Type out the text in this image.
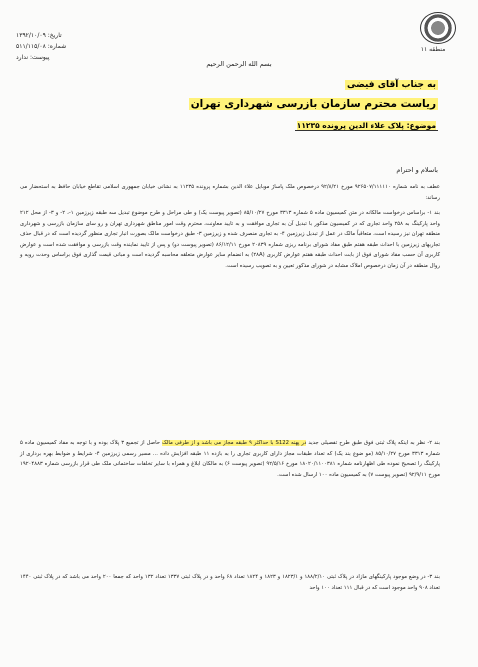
تاریخ: ۱۳۹۲/۱۰/۰۹
شماره: ۵۱۱/۱۱۵/۰۸
پیوست: ندارد
منطقه ۱۱
بسم الله الرحمن الرحیم
به جناب آقای فیضی
ریاست محترم سازمان بازرسی شهرداری تهران
موضوع: پلاک علاء الدین پرونده ۱۱۲۳۵
باسلام و احترام
عطف به نامه شماره ۹۲۶۵۰۷/۱۱۱۱۱۰ مورخ ۹۲/۸/۲۱ درخصوص ملک پاساژ موبایل علاء الدین بشماره پرونده ۱۱۲۳۵ به نشانی خیابان جمهوری اسلامی تقاطع خیابان حافظ به استحضار می رساند:
بند ۱- براساس درخواست مالکانه در متن کمیسیون ماده ۵ شماره ۳۳۱۳ مورخ ۸۵/۱۰/۲۷ (تصویر پیوست یک) و طی مراحل و طرح موضوع تبدیل سه طبقه زیرزمین ۱-، ۲- و ۳- از محل ۲۱۲ واحد پارکینگ به ۲۵۸ واحد تجاری که در کمیسیون مذکور با تبدیل آن به تجاری موافقت و به تایید معاونت، محترم وقت امور مناطق شهرداری تهران و رو سای سازمان بازرسی و شهرداری منطقه تهران نیز رسیده است، متعاقباً مالک در عمل از تبدیل زیرزمین ۴- به تجاری منصرف شده و زیرزمین ۳- طبق درخواست مالک بصورت انبار تجاری منظور گردیده است که در قبال حذف تجاریهای زیرزمین با احداث طبقه هفتم طبق مفاد شورای برنامه ریزی شماره ۲۰۸۳۹ مورخ ۸۶/۱۲/۱۱ (تصویر پیوست دو) و پس از تایید نماینده وقت بازرسی و موافقت شده است و عوارض کاربری آن حسب مفاد شورای فوق از بابت احداث طبقه هفتم عوارض کاربری (۲۸A) به انضمام سایر عوارض متعلقه محاسبه گردیده است و مبانی قیمت گذاری فوق براساس وحدت رویه و روال منطقه در آن زمان درخصوص املاک مشابه در شورای مذکور تعیین و به تصویب رسیده است.
بند ۲- نظر به اینکه پلاک ثبتی فوق طبق طرح تفصیلی جدید در پهنه S122 با حداکثر ۹ طبقه مجاز می باشد و از طرفی مالک حاصل از تجمیع ۳ پلاک بوده و با توجه به مفاد کمیسیون ماده ۵ شماره ۳۳۱۳ مورخ ۸۵/۱۰/۲۷ (مو ضوع بند یک) که تعداد طبقات مجاز دارای کاربری تجاری را به بازده ۱۱ طبقه افزایش داده ... مسیر رسمی زیرزمین ۴- شرایط و ضوابط بهره برداری از پارکینگ را تصحیح نموده طی اظهارنامه شماره ۱۸۰۲۰/۱۱۰۰۳۸۱ مورخ ۹۲/۵/۱۶ (تصویر پیوست ۶) به مالکان ابلاغ و همراه با سایر تخلفات ساختمانی ملک طی قرار بازرسی شماره ۱۹۲۰۴۸۸۳ مورخ ۹۲/۹/۱۱ (تصویر پیوست ۷) به کمیسیون ماده ۱۰۰ ارسال شده است.
بند ۳- در وضع موجود پارکینگهای مازاد در پلاک ثبتی ۱۸۸/۲/۱۰ و ۱۸۲۳/۱ و ۱۸۲۳ و ۱۸۲۴ تعداد ۶۸ واحد و در پلاک ثبتی ۱۳۳۷ تعداد ۱۳۲ واحد که جمعا ۲۰۰ واحد می باشد که در پلاک ثبتی ۱۴۴۰ تعداد ۹۰۸ واحد موجود است که در قبال ۱۱۱ تعداد ۱۰۰ واحد
